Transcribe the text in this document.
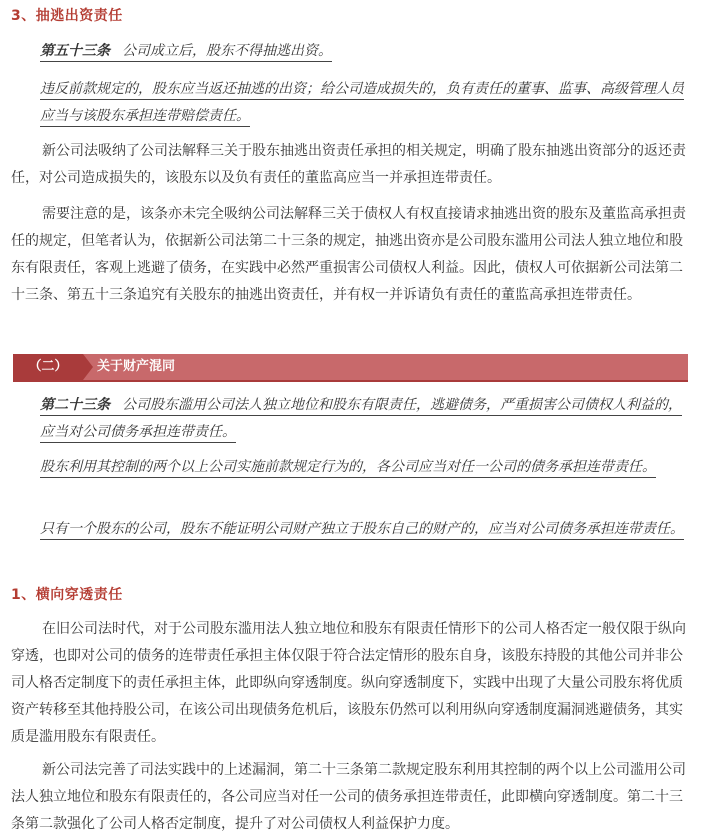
3、抽逃出资责任

第五十三条 公司成立后，股东不得抽逃出资。

违反前款规定的，股东应当返还抽逃的出资；给公司造成损失的，负有责任的董事、监事、高级管理人员应当与该股东承担连带赔偿责任。

新公司法吸纳了公司法解释三关于股东抽逃出资责任承担的相关规定，明确了股东抽逃出资部分的返还责任，对公司造成损失的，该股东以及负有责任的董监高应当一并承担连带责任。

需要注意的是，该条亦未完全吸纳公司法解释三关于债权人有权直接请求抽逃出资的股东及董监高承担责任的规定，但笔者认为，依据新公司法第二十三条的规定，抽逃出资亦是公司股东滥用公司法人独立地位和股东有限责任，客观上逃避了债务，在实践中必然严重损害公司债权人利益。因此，债权人可依据新公司法第二十三条、第五十三条追究有关股东的抽逃出资责任，并有权一并诉请负有责任的董监高承担连带责任。

（二）	关于财产混同

第二十三条 公司股东滥用公司法人独立地位和股东有限责任，逃避债务，严重损害公司债权人利益的，应当对公司债务承担连带责任。

股东利用其控制的两个以上公司实施前款规定行为的，各公司应当对任一公司的债务承担连带责任。

只有一个股东的公司，股东不能证明公司财产独立于股东自己的财产的，应当对公司债务承担连带责任。

1、横向穿透责任

在旧公司法时代，对于公司股东滥用法人独立地位和股东有限责任情形下的公司人格否定一般仅限于纵向穿透，也即对公司的债务的连带责任承担主体仅限于符合法定情形的股东自身，该股东持股的其他公司并非公司人格否定制度下的责任承担主体，此即纵向穿透制度。纵向穿透制度下，实践中出现了大量公司股东将优质资产转移至其他持股公司，在该公司出现债务危机后，该股东仍然可以利用纵向穿透制度漏洞逃避债务，其实质是滥用股东有限责任。

新公司法完善了司法实践中的上述漏洞，第二十三条第二款规定股东利用其控制的两个以上公司滥用公司法人独立地位和股东有限责任的，各公司应当对任一公司的债务承担连带责任，此即横向穿透制度。第二十三条第二款强化了公司人格否定制度，提升了对公司债权人利益保护力度。
